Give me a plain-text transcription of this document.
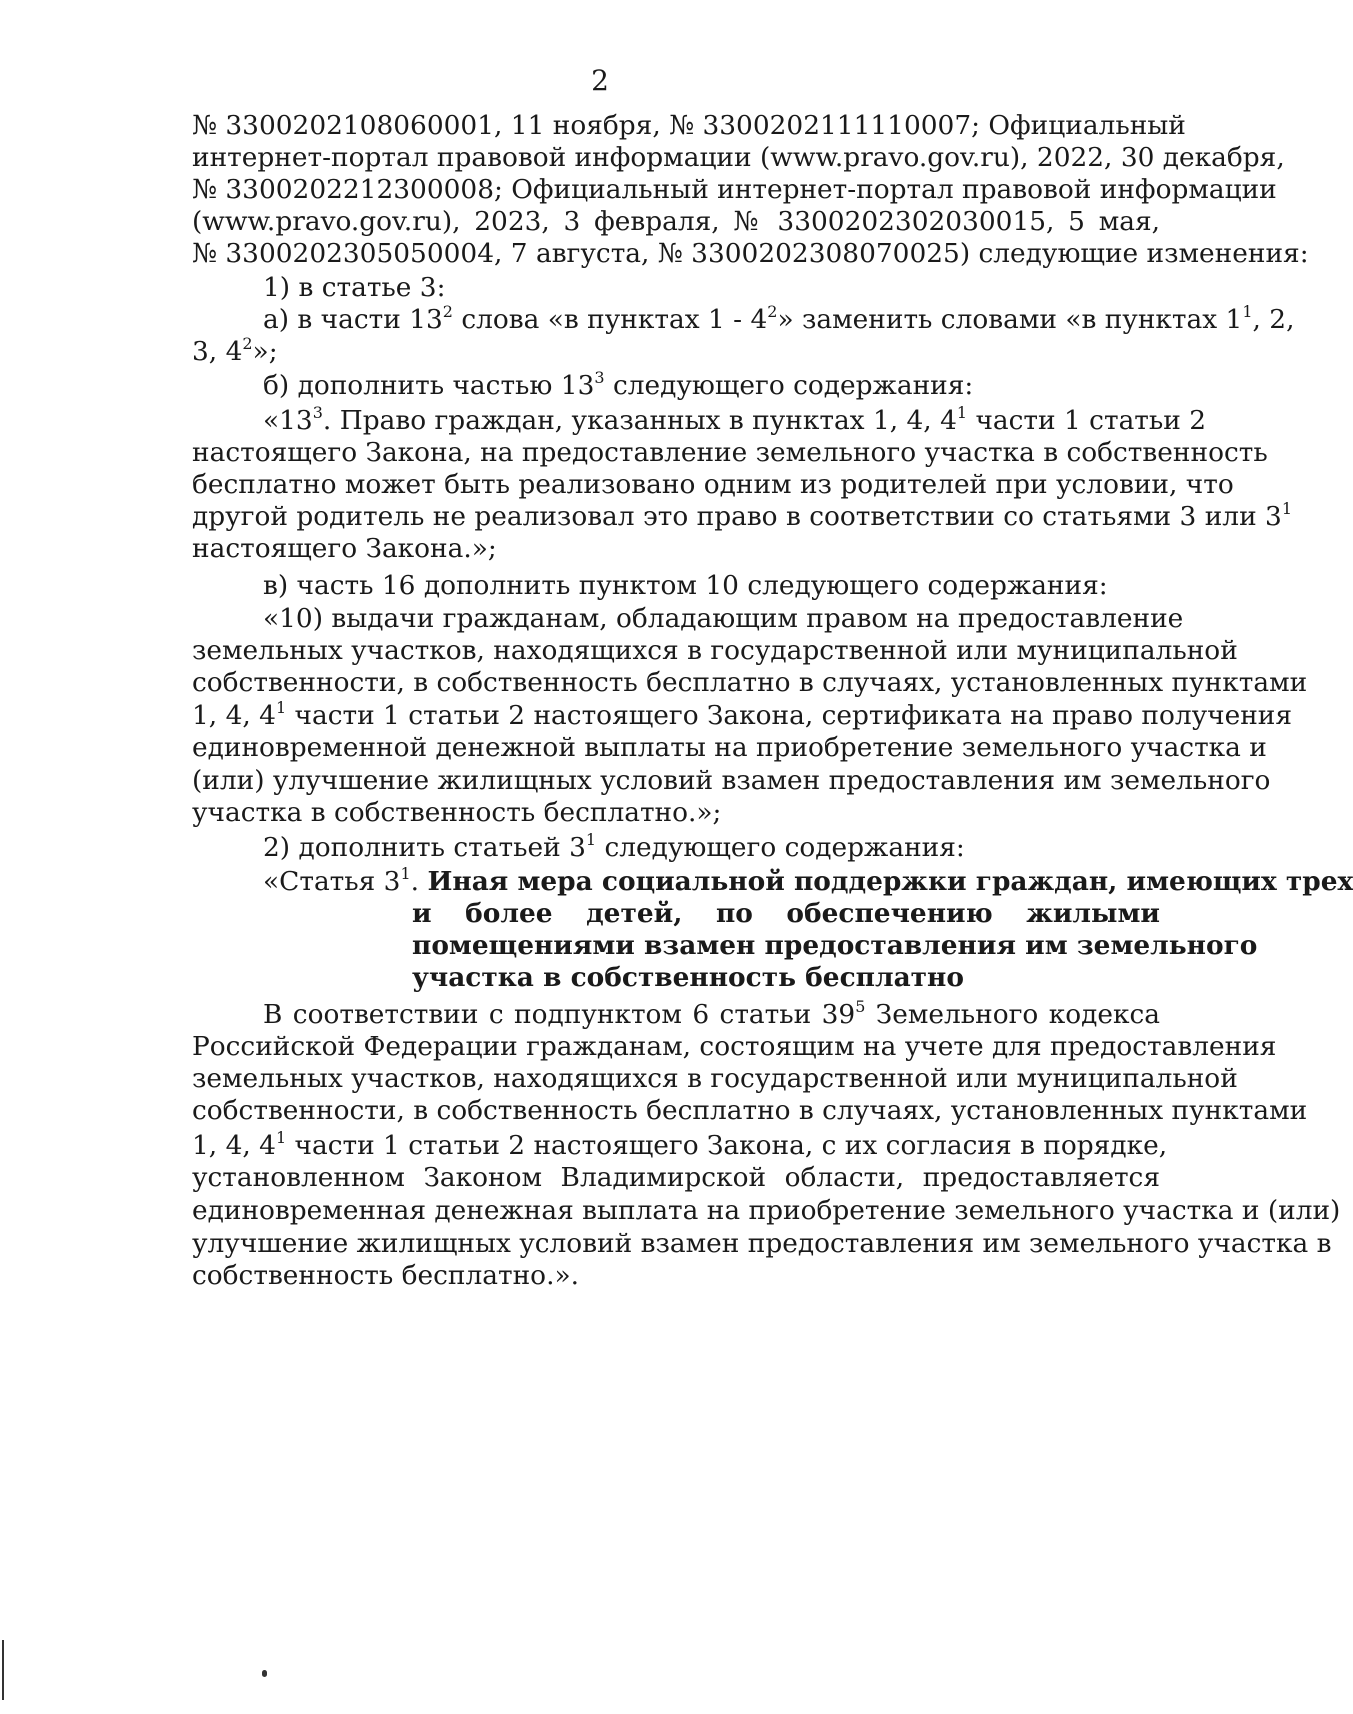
2
№ 3300202108060001, 11 ноября, № 3300202111110007; Официальный
интернет-портал правовой информации (www.pravo.gov.ru), 2022, 30 декабря,
№ 3300202212300008; Официальный интернет-портал правовой информации
(www.pravo.gov.ru), 2023, 3 февраля, № 3300202302030015, 5 мая,
№ 3300202305050004, 7 августа, № 3300202308070025) следующие изменения:
1) в статье 3:
а) в части $13^2$ слова «в пунктах $1 - 4^2$» заменить словами «в пунктах $1^1$, 2,
3, $4^2$»;
б) дополнить частью $13^3$ следующего содержания:
«$13^3$. Право граждан, указанных в пунктах 1, 4, $4^1$ части 1 статьи 2
настоящего Закона, на предоставление земельного участка в собственность
бесплатно может быть реализовано одним из родителей при условии, что
другой родитель не реализовал это право в соответствии со статьями 3 или $3^1$
настоящего Закона.»;
в) часть 16 дополнить пунктом 10 следующего содержания:
«10) выдачи гражданам, обладающим правом на предоставление
земельных участков, находящихся в государственной или муниципальной
собственности, в собственность бесплатно в случаях, установленных пунктами
1, 4, $4^1$ части 1 статьи 2 настоящего Закона, сертификата на право получения
единовременной денежной выплаты на приобретение земельного участка и
(или) улучшение жилищных условий взамен предоставления им земельного
участка в собственность бесплатно.»;
2) дополнить статьей $3^1$ следующего содержания:
«Статья $3^1$. Иная мера социальной поддержки граждан, имеющих трех
и более детей, по обеспечению жилыми
помещениями взамен предоставления им земельного
участка в собственность бесплатно
В соответствии с подпунктом 6 статьи $39^5$ Земельного кодекса
Российской Федерации гражданам, состоящим на учете для предоставления
земельных участков, находящихся в государственной или муниципальной
собственности, в собственность бесплатно в случаях, установленных пунктами
1, 4, $4^1$ части 1 статьи 2 настоящего Закона, с их согласия в порядке,
установленном Законом Владимирской области, предоставляется
единовременная денежная выплата на приобретение земельного участка и (или)
улучшение жилищных условий взамен предоставления им земельного участка в
собственность бесплатно.».
